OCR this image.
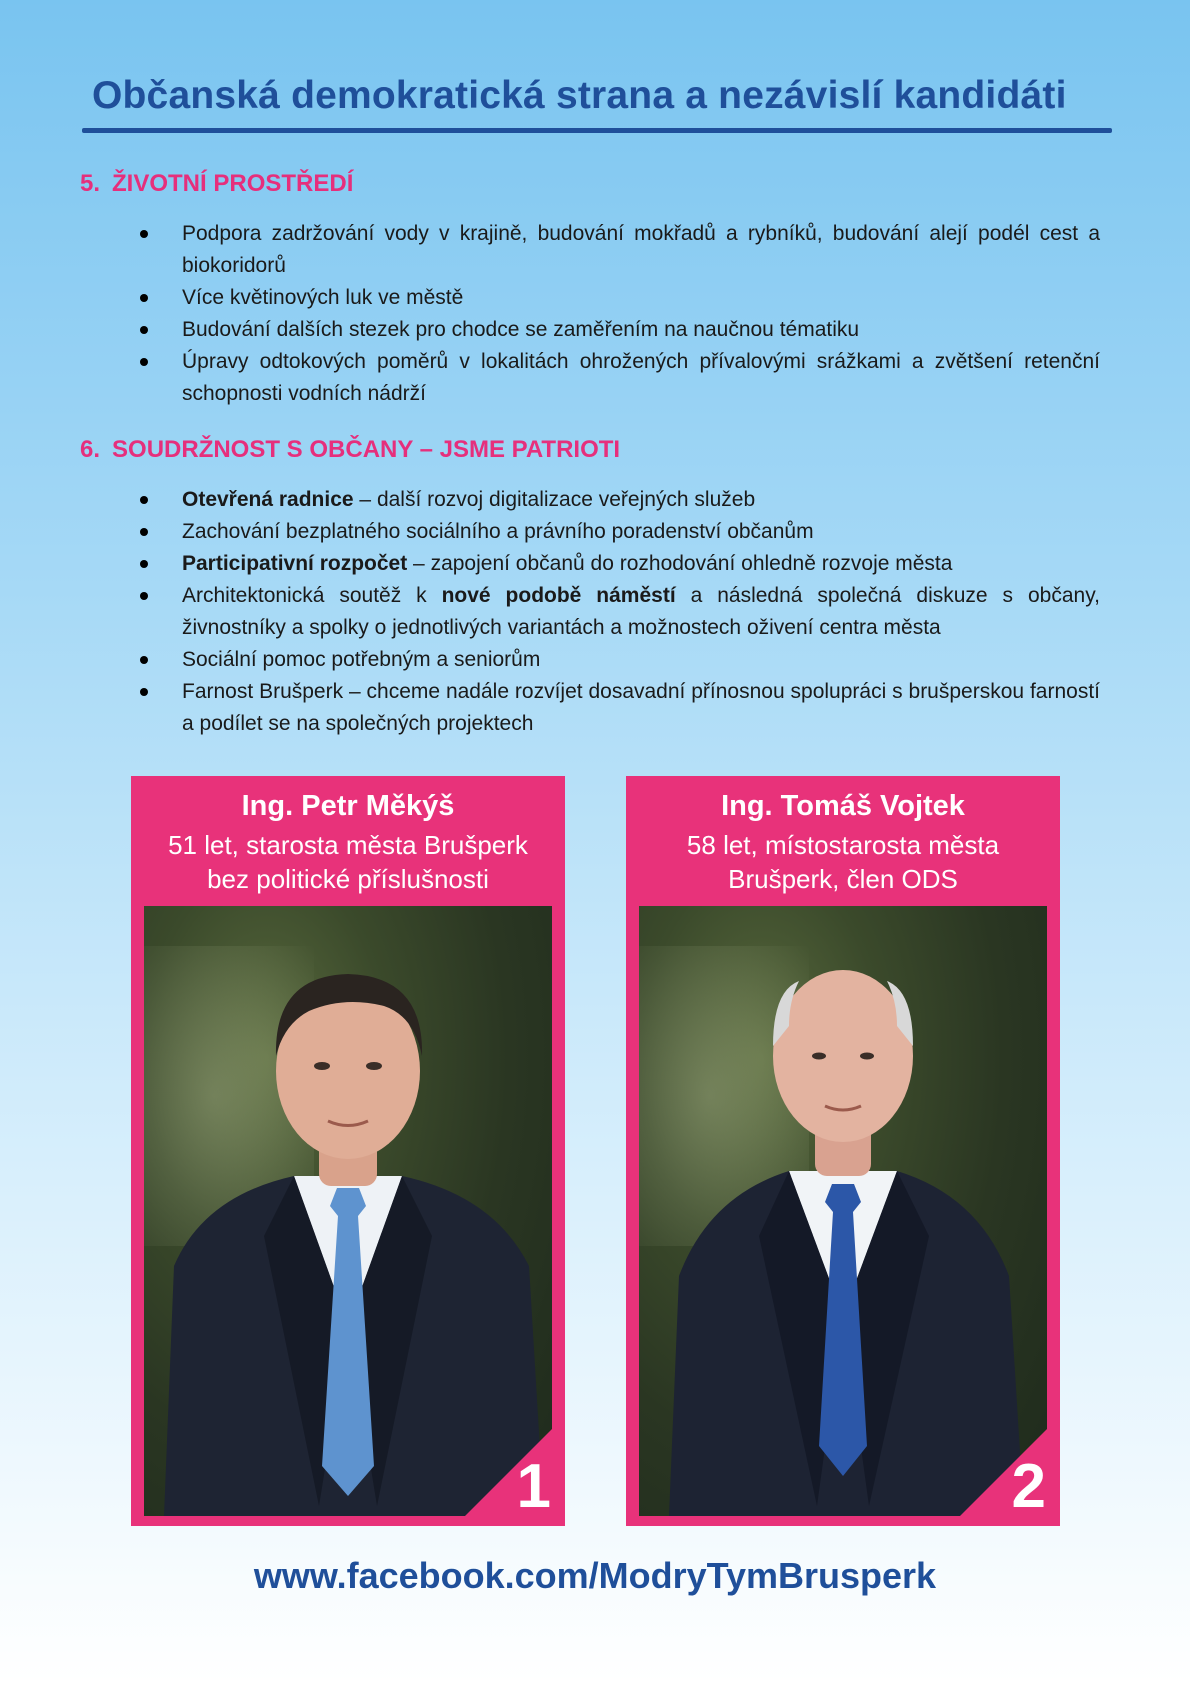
Občanská demokratická strana a nezávislí kandidáti
5. ŽIVOTNÍ PROSTŘEDÍ
Podpora zadržování vody v krajině, budování mokřadů a rybníků, budování alejí podél cest a biokoridorů
Více květinových luk ve městě
Budování dalších stezek pro chodce se zaměřením na naučnou tématiku
Úpravy odtokových poměrů v lokalitách ohrožených přívalovými srážkami a zvětšení retenční schopnosti vodních nádrží
6. SOUDRŽNOST S OBČANY – JSME PATRIOTI
Otevřená radnice – další rozvoj digitalizace veřejných služeb
Zachování bezplatného sociálního a právního poradenství občanům
Participativní rozpočet – zapojení občanů do rozhodování ohledně rozvoje města
Architektonická soutěž k nové podobě náměstí a následná společná diskuze s občany, živnostníky a spolky o jednotlivých variantách a možnostech oživení centra města
Sociální pomoc potřebným a seniorům
Farnost Brušperk – chceme nadále rozvíjet dosavadní přínosnou spolupráci s brušperskou farností a podílet se na společných projektech
Ing. Petr Měkýš
51 let, starosta města Brušperk
bez politické příslušnosti
1
Ing. Tomáš Vojtek
58 let, místostarosta města
Brušperk, člen ODS
2
www.facebook.com/ModryTymBrusperk
